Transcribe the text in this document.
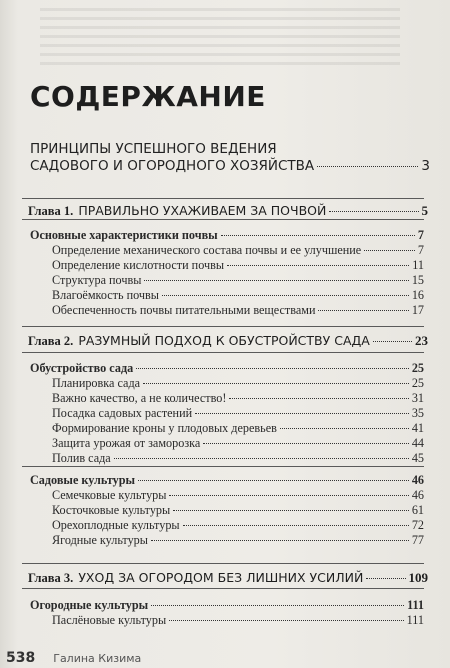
СОДЕРЖАНИЕ
ПРИНЦИПЫ УСПЕШНОГО ВЕДЕНИЯ
САДОВОГО И ОГОРОДНОГО ХОЗЯЙСТВА	3
Глава 1. ПРАВИЛЬНО УХАЖИВАЕМ ЗА ПОЧВОЙ	5
Основные характеристики почвы	7
Определение механического состава почвы и ее улучшение	7
Определение кислотности почвы	11
Структура почвы	15
Влагоёмкость почвы	16
Обеспеченность почвы питательными веществами	17
Глава 2. РАЗУМНЫЙ ПОДХОД К ОБУСТРОЙСТВУ САДА	23
Обустройство сада	25
Планировка сада	25
Важно качество, а не количество!	31
Посадка садовых растений	35
Формирование кроны у плодовых деревьев	41
Защита урожая от заморозка	44
Полив сада	45
Садовые культуры	46
Семечковые культуры	46
Косточковые культуры	61
Орехоплодные культуры	72
Ягодные культуры	77
Глава 3. УХОД ЗА ОГОРОДОМ БЕЗ ЛИШНИХ УСИЛИЙ	109
Огородные культуры	111
Паслёновые культуры	111
538 Галина Кизима
